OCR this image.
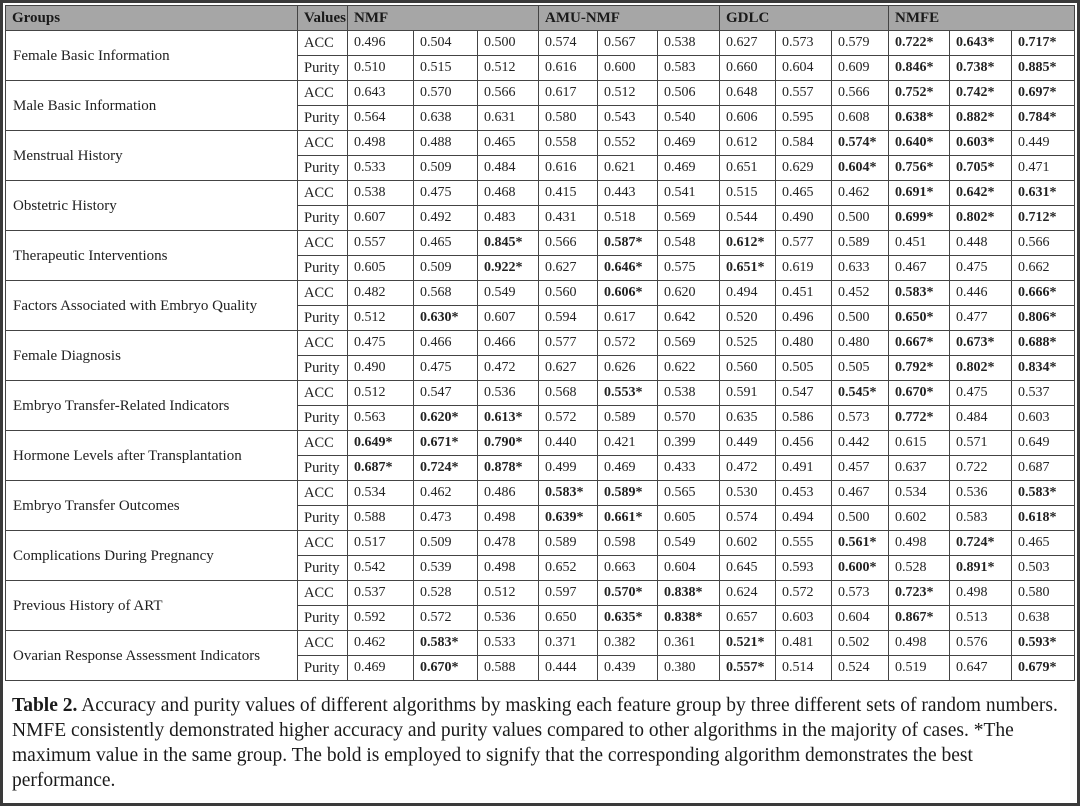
Groups	Values	NMF			AMU-NMF			GDLC			NMFE		
Female Basic Information	ACC	0.496	0.504	0.500	0.574	0.567	0.538	0.627	0.573	0.579	0.722*	0.643*	0.717*
	Purity	0.510	0.515	0.512	0.616	0.600	0.583	0.660	0.604	0.609	0.846*	0.738*	0.885*
Male Basic Information	ACC	0.643	0.570	0.566	0.617	0.512	0.506	0.648	0.557	0.566	0.752*	0.742*	0.697*
	Purity	0.564	0.638	0.631	0.580	0.543	0.540	0.606	0.595	0.608	0.638*	0.882*	0.784*
Menstrual History	ACC	0.498	0.488	0.465	0.558	0.552	0.469	0.612	0.584	0.574*	0.640*	0.603*	0.449
	Purity	0.533	0.509	0.484	0.616	0.621	0.469	0.651	0.629	0.604*	0.756*	0.705*	0.471
Obstetric History	ACC	0.538	0.475	0.468	0.415	0.443	0.541	0.515	0.465	0.462	0.691*	0.642*	0.631*
	Purity	0.607	0.492	0.483	0.431	0.518	0.569	0.544	0.490	0.500	0.699*	0.802*	0.712*
Therapeutic Interventions	ACC	0.557	0.465	0.845*	0.566	0.587*	0.548	0.612*	0.577	0.589	0.451	0.448	0.566
	Purity	0.605	0.509	0.922*	0.627	0.646*	0.575	0.651*	0.619	0.633	0.467	0.475	0.662
Factors Associated with Embryo Quality	ACC	0.482	0.568	0.549	0.560	0.606*	0.620	0.494	0.451	0.452	0.583*	0.446	0.666*
	Purity	0.512	0.630*	0.607	0.594	0.617	0.642	0.520	0.496	0.500	0.650*	0.477	0.806*
Female Diagnosis	ACC	0.475	0.466	0.466	0.577	0.572	0.569	0.525	0.480	0.480	0.667*	0.673*	0.688*
	Purity	0.490	0.475	0.472	0.627	0.626	0.622	0.560	0.505	0.505	0.792*	0.802*	0.834*
Embryo Transfer-Related Indicators	ACC	0.512	0.547	0.536	0.568	0.553*	0.538	0.591	0.547	0.545*	0.670*	0.475	0.537
	Purity	0.563	0.620*	0.613*	0.572	0.589	0.570	0.635	0.586	0.573	0.772*	0.484	0.603
Hormone Levels after Transplantation	ACC	0.649*	0.671*	0.790*	0.440	0.421	0.399	0.449	0.456	0.442	0.615	0.571	0.649
	Purity	0.687*	0.724*	0.878*	0.499	0.469	0.433	0.472	0.491	0.457	0.637	0.722	0.687
Embryo Transfer Outcomes	ACC	0.534	0.462	0.486	0.583*	0.589*	0.565	0.530	0.453	0.467	0.534	0.536	0.583*
	Purity	0.588	0.473	0.498	0.639*	0.661*	0.605	0.574	0.494	0.500	0.602	0.583	0.618*
Complications During Pregnancy	ACC	0.517	0.509	0.478	0.589	0.598	0.549	0.602	0.555	0.561*	0.498	0.724*	0.465
	Purity	0.542	0.539	0.498	0.652	0.663	0.604	0.645	0.593	0.600*	0.528	0.891*	0.503
Previous History of ART	ACC	0.537	0.528	0.512	0.597	0.570*	0.838*	0.624	0.572	0.573	0.723*	0.498	0.580
	Purity	0.592	0.572	0.536	0.650	0.635*	0.838*	0.657	0.603	0.604	0.867*	0.513	0.638
Ovarian Response Assessment Indicators	ACC	0.462	0.583*	0.533	0.371	0.382	0.361	0.521*	0.481	0.502	0.498	0.576	0.593*
	Purity	0.469	0.670*	0.588	0.444	0.439	0.380	0.557*	0.514	0.524	0.519	0.647	0.679*
Table 2. Accuracy and purity values of different algorithms by masking each feature group by three different sets of random numbers. NMFE consistently demonstrated higher accuracy and purity values compared to other algorithms in the majority of cases. *The maximum value in the same group. The bold is employed to signify that the corresponding algorithm demonstrates the best performance.
